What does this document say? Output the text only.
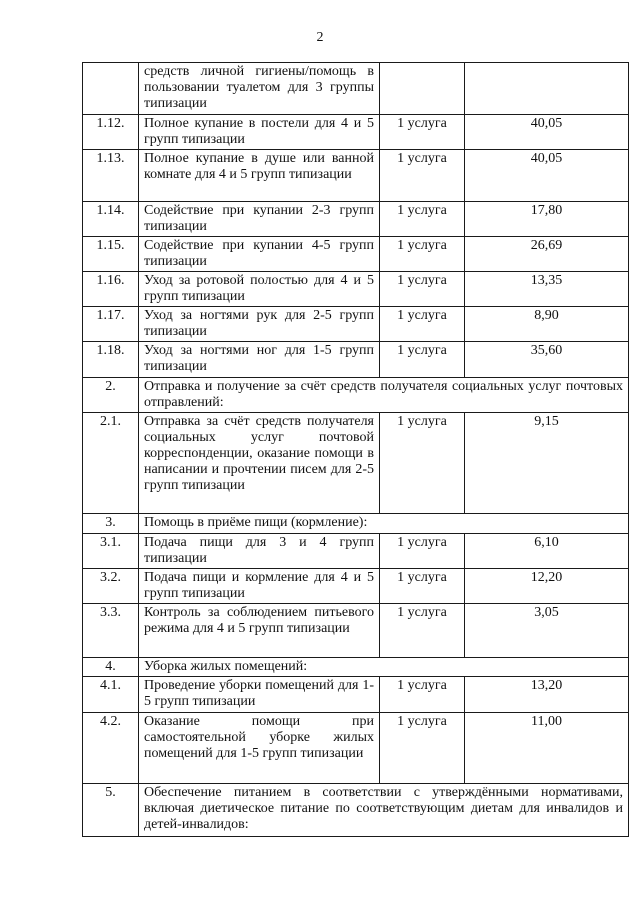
2
	средств личной гигиены/помощь в пользовании туалетом для 3 группы типизации		
1.12.	Полное купание в постели для 4 и 5 групп типизации	1 услуга	40,05
1.13.	Полное купание в душе или ванной комнате для 4 и 5 групп типизации	1 услуга	40,05
1.14.	Содействие при купании 2-3 групп типизации	1 услуга	17,80
1.15.	Содействие при купании 4-5 групп типизации	1 услуга	26,69
1.16.	Уход за ротовой полостью для 4 и 5 групп типизации	1 услуга	13,35
1.17.	Уход за ногтями рук для 2-5 групп типизации	1 услуга	8,90
1.18.	Уход за ногтями ног для 1-5 групп типизации	1 услуга	35,60
2.	Отправка и получение за счёт средств получателя социальных услуг почтовых отправлений:		
2.1.	Отправка за счёт средств получателя социальных услуг почтовой корреспонденции, оказание помощи в написании и прочтении писем для 2-5 групп типизации	1 услуга	9,15
3.	Помощь в приёме пищи (кормление):		
3.1.	Подача пищи для 3 и 4 групп типизации	1 услуга	6,10
3.2.	Подача пищи и кормление для 4 и 5 групп типизации	1 услуга	12,20
3.3.	Контроль за соблюдением питьевого режима для 4 и 5 групп типизации	1 услуга	3,05
4.	Уборка жилых помещений:		
4.1.	Проведение уборки помещений для 1-5 групп типизации	1 услуга	13,20
4.2.	Оказание помощи при самостоятельной уборке жилых помещений для 1-5 групп типизации	1 услуга	11,00
5.	Обеспечение питанием в соответствии с утверждёнными нормативами, включая диетическое питание по соответствующим диетам для инвалидов и детей-инвалидов:		
